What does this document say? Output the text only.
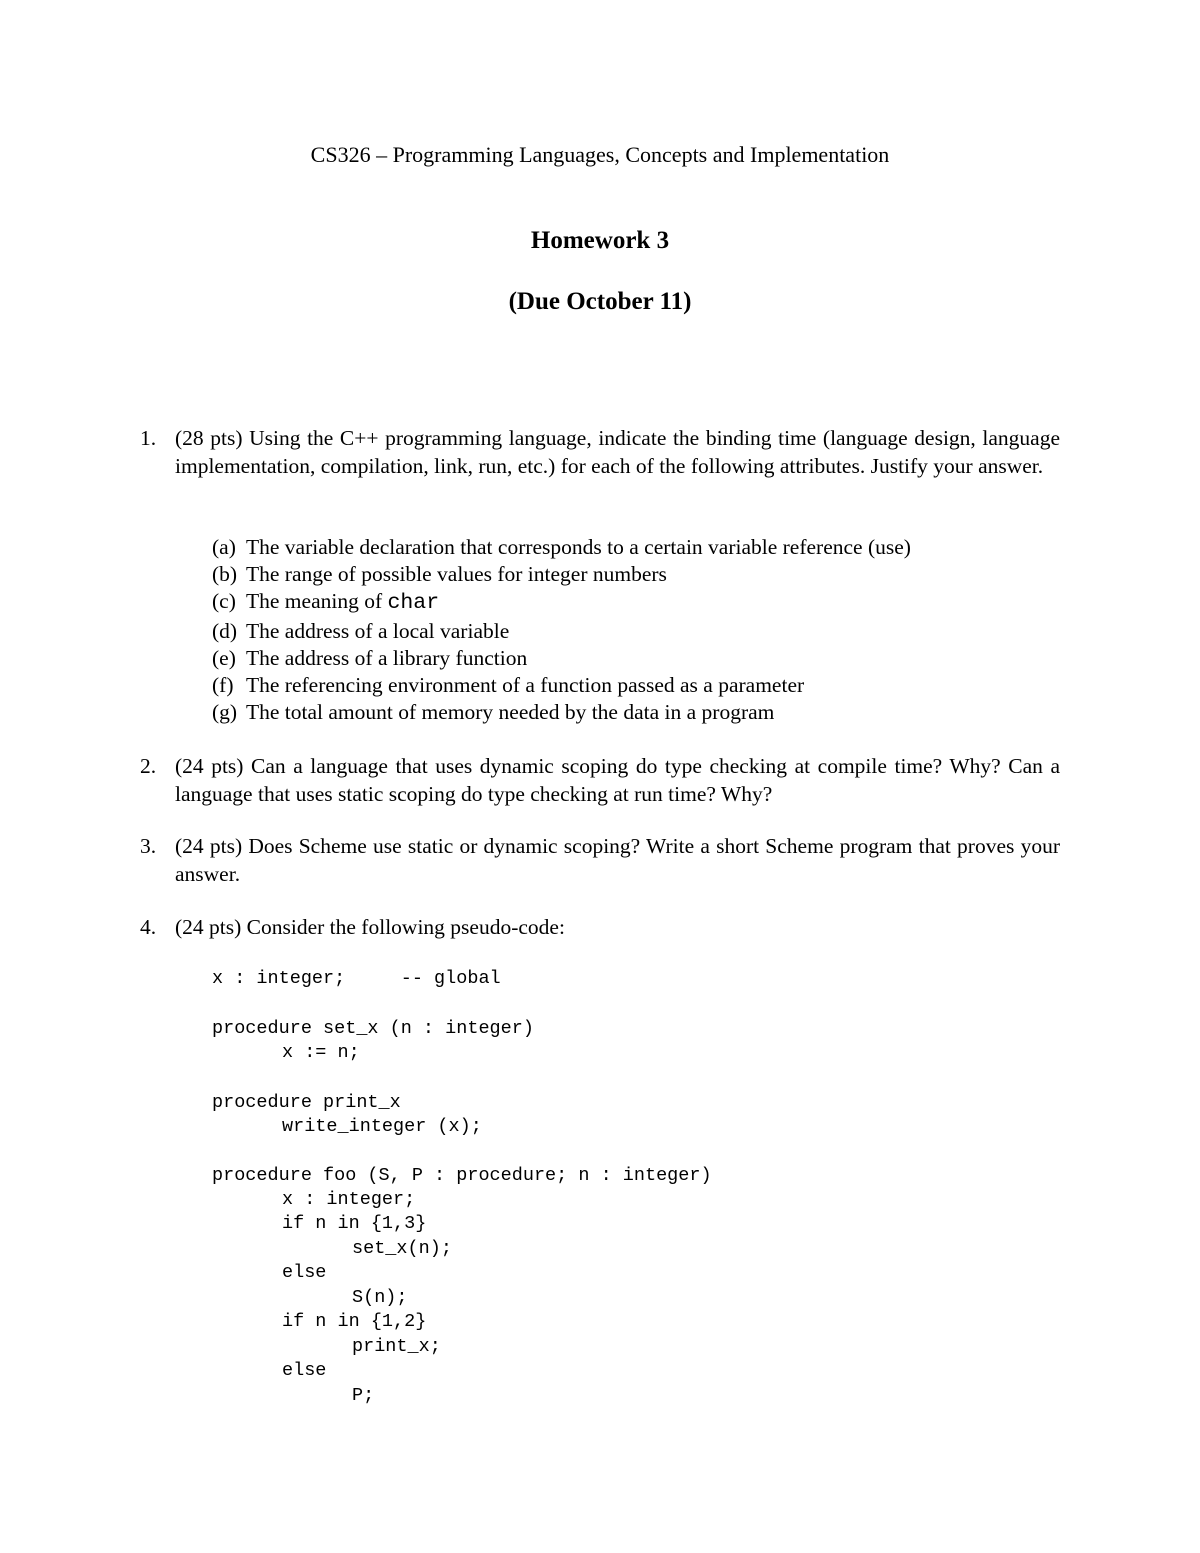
CS326 – Programming Languages, Concepts and Implementation
Homework 3
(Due October 11)
1. (28 pts) Using the C++ programming language, indicate the binding time (language design, language implementation, compilation, link, run, etc.) for each of the following attributes. Justify your answer.
(a) The variable declaration that corresponds to a certain variable reference (use)
(b) The range of possible values for integer numbers
(c) The meaning of char
(d) The address of a local variable
(e) The address of a library function
(f) The referencing environment of a function passed as a parameter
(g) The total amount of memory needed by the data in a program
2. (24 pts) Can a language that uses dynamic scoping do type checking at compile time? Why? Can a language that uses static scoping do type checking at run time? Why?
3. (24 pts) Does Scheme use static or dynamic scoping? Write a short Scheme program that proves your answer.
4. (24 pts) Consider the following pseudo-code:
x : integer;     -- global
procedure set_x (n : integer)
x := n;
procedure print_x
write_integer (x);
procedure foo (S, P : procedure; n : integer)
x : integer;
if n in {1,3}
set_x(n);
else
S(n);
if n in {1,2}
print_x;
else
P;
